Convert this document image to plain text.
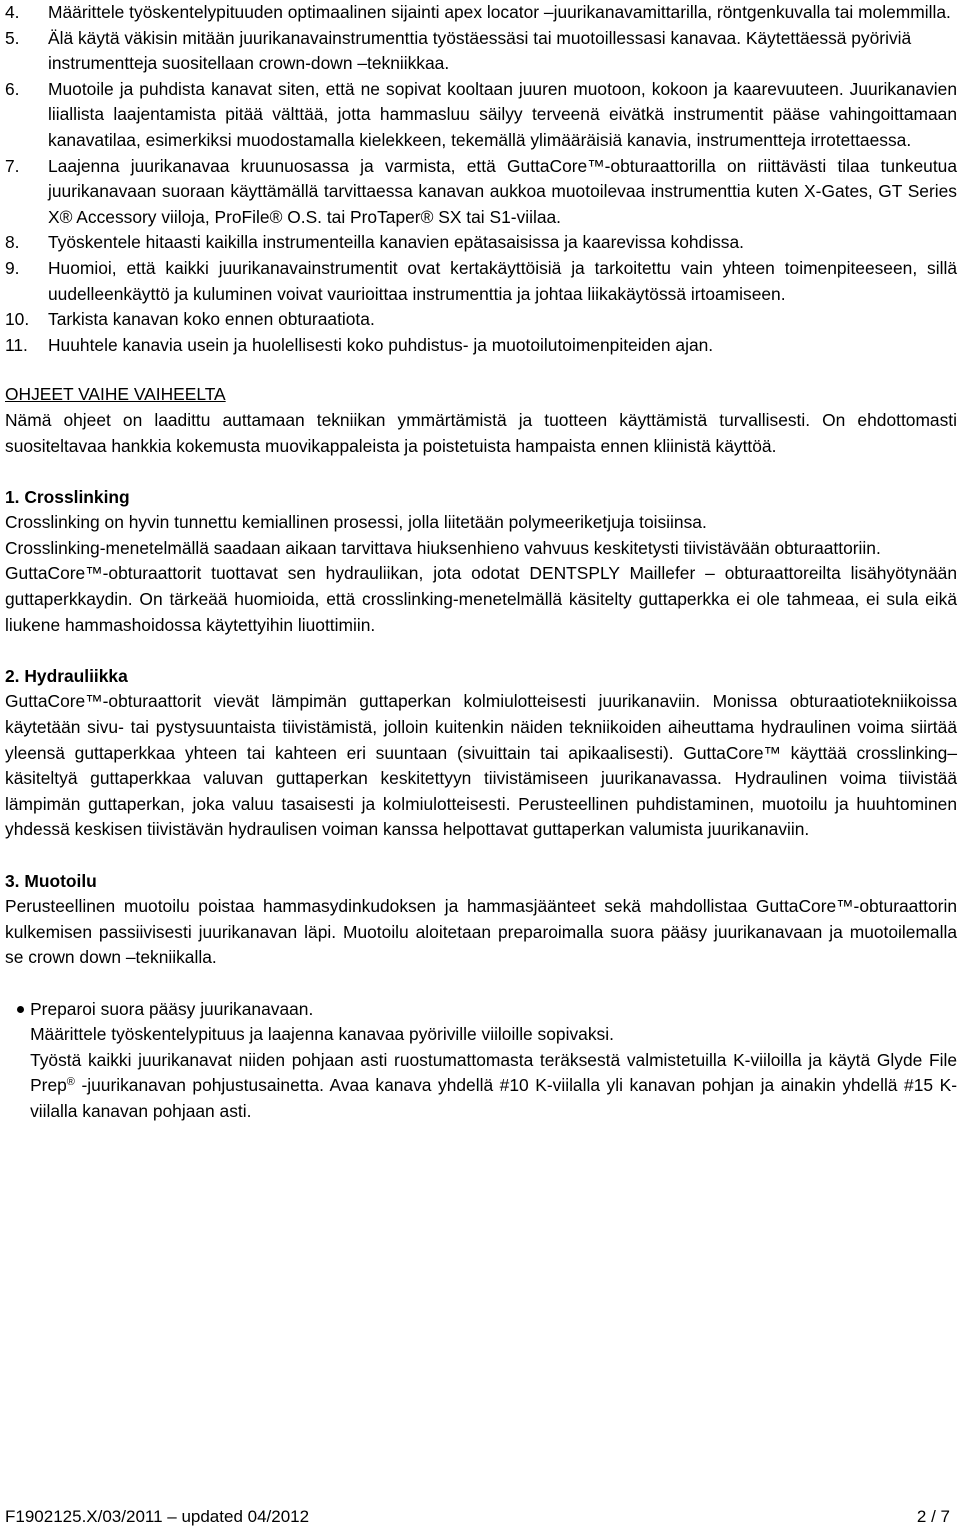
4.	Määrittele työskentelypituuden optimaalinen sijainti apex locator –juurikanavamittarilla, röntgenkuvalla tai molemmilla.
5.	Älä käytä väkisin mitään juurikanavainstrumenttia työstäessäsi tai muotoillessasi kanavaa. Käytettäessä pyöriviä instrumentteja suositellaan crown-down –tekniikkaa.
6.	Muotoile ja puhdista kanavat siten, että ne sopivat kooltaan juuren muotoon, kokoon ja kaarevuuteen. Juurikanavien liiallista laajentamista pitää välttää, jotta hammasluu säilyy terveenä eivätkä instrumentit pääse vahingoittamaan kanavatilaa, esimerkiksi muodostamalla kielekkeen, tekemällä ylimääräisiä kanavia, instrumentteja irrotettaessa.
7.	Laajenna juurikanavaa kruunuosassa ja varmista, että GuttaCore™-obturaattorilla on riittävästi tilaa tunkeutua juurikanavaan suoraan käyttämällä tarvittaessa kanavan aukkoa muotoilevaa instrumenttia kuten X-Gates, GT Series X® Accessory viiloja, ProFile® O.S. tai ProTaper® SX tai S1-viilaa.
8.	Työskentele hitaasti kaikilla instrumenteilla kanavien epätasaisissa ja kaarevissa kohdissa.
9.	Huomioi, että kaikki juurikanavainstrumentit ovat kertakäyttöisiä ja tarkoitettu vain yhteen toimenpiteeseen, sillä uudelleenkäyttö ja kuluminen voivat vaurioittaa instrumenttia ja johtaa liikakäytössä irtoamiseen.
10.	Tarkista kanavan koko ennen obturaatiota.
11.	Huuhtele kanavia usein ja huolellisesti koko puhdistus- ja muotoilutoimenpiteiden ajan.
OHJEET VAIHE VAIHEELTA
Nämä ohjeet on laadittu auttamaan tekniikan ymmärtämistä ja tuotteen käyttämistä turvallisesti. On ehdottomasti suositeltavaa hankkia kokemusta muovikappaleista ja poistetuista hampaista ennen kliinistä käyttöä.
1. Crosslinking
Crosslinking on hyvin tunnettu kemiallinen prosessi, jolla liitetään polymeeriketjuja toisiinsa.
Crosslinking-menetelmällä saadaan aikaan tarvittava hiuksenhieno vahvuus keskitetysti tiivistävään obturaattoriin.
GuttaCore™-obturaattorit tuottavat sen hydrauliikan, jota odotat DENTSPLY Maillefer – obturaattoreilta lisähyötynään guttaperkkaydin. On tärkeää huomioida, että crosslinking-menetelmällä käsitelty guttaperkka ei ole tahmeaa, ei sula eikä liukene hammashoidossa käytettyihin liuottimiin.
2. Hydrauliikka
GuttaCore™-obturaattorit vievät lämpimän guttaperkan kolmiulotteisesti juurikanaviin. Monissa obturaatiotekniikoissa käytetään sivu- tai pystysuuntaista tiivistämistä, jolloin kuitenkin näiden tekniikoiden aiheuttama hydraulinen voima siirtää yleensä guttaperkkaa yhteen tai kahteen eri suuntaan (sivuittain tai apikaalisesti). GuttaCore™ käyttää crosslinking–käsiteltyä guttaperkkaa valuvan guttaperkan keskitettyyn tiivistämiseen juurikanavassa. Hydraulinen voima tiivistää lämpimän guttaperkan, joka valuu tasaisesti ja kolmiulotteisesti. Perusteellinen puhdistaminen, muotoilu ja huuhtominen yhdessä keskisen tiivistävän hydraulisen voiman kanssa helpottavat guttaperkan valumista juurikanaviin.
3. Muotoilu
Perusteellinen muotoilu poistaa hammasydinkudoksen ja hammasjäänteet sekä mahdollistaa GuttaCore™-obturaattorin kulkemisen passiivisesti juurikanavan läpi. Muotoilu aloitetaan preparoimalla suora pääsy juurikanavaan ja muotoilemalla se crown down –tekniikalla.
Preparoi suora pääsy juurikanavaan.
Määrittele työskentelypituus ja laajenna kanavaa pyöriville viiloille sopivaksi.
Työstä kaikki juurikanavat niiden pohjaan asti ruostumattomasta teräksestä valmistetuilla K-viiloilla ja käytä Glyde File Prep® -juurikanavan pohjustusainetta. Avaa kanava yhdellä #10 K-viilalla yli kanavan pohjan ja ainakin yhdellä #15 K-viilalla kanavan pohjaan asti.
F1902125.X/03/2011 – updated 04/2012	2 / 7
